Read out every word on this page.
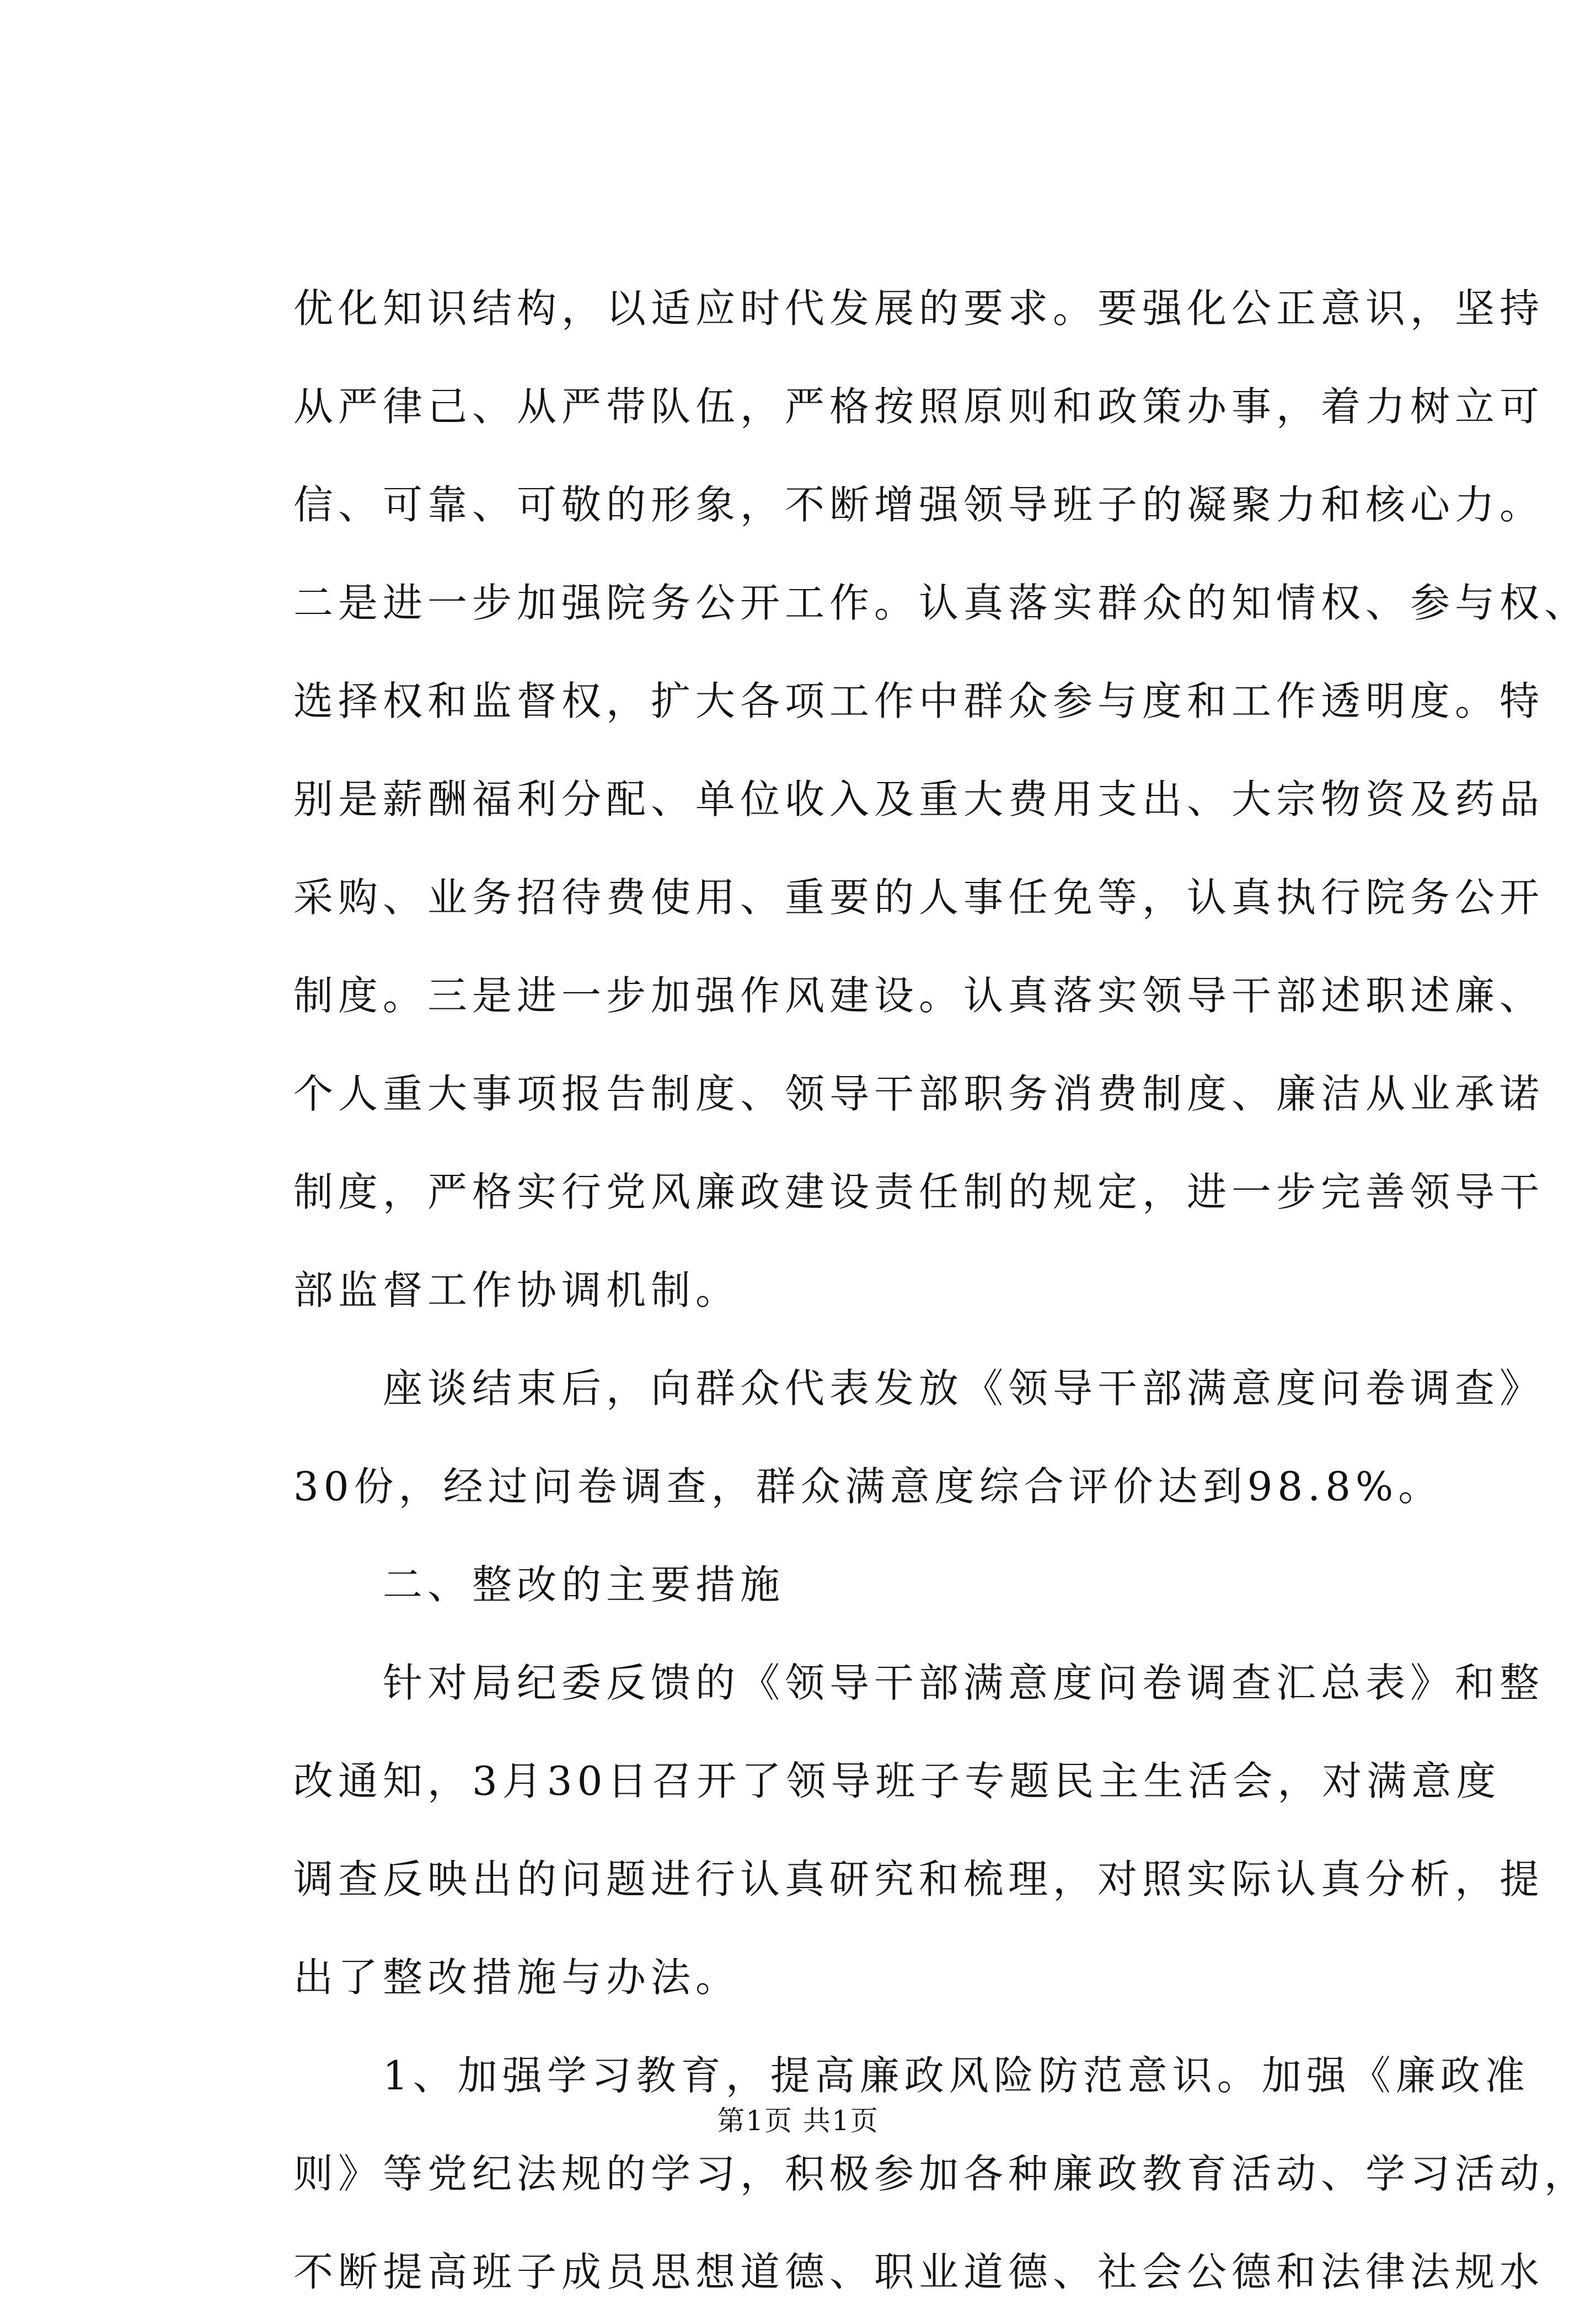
优化知识结构，以适应时代发展的要求。要强化公正意识，坚持
从严律己、从严带队伍，严格按照原则和政策办事，着力树立可
信、可靠、可敬的形象，不断增强领导班子的凝聚力和核心力。
二是进一步加强院务公开工作。认真落实群众的知情权、参与权、
选择权和监督权，扩大各项工作中群众参与度和工作透明度。特
别是薪酬福利分配、单位收入及重大费用支出、大宗物资及药品
采购、业务招待费使用、重要的人事任免等，认真执行院务公开
制度。三是进一步加强作风建设。认真落实领导干部述职述廉、
个人重大事项报告制度、领导干部职务消费制度、廉洁从业承诺
制度，严格实行党风廉政建设责任制的规定，进一步完善领导干
部监督工作协调机制。
座谈结束后，向群众代表发放《领导干部满意度问卷调查》
30份，经过问卷调查，群众满意度综合评价达到98.8%。
二、整改的主要措施
针对局纪委反馈的《领导干部满意度问卷调查汇总表》和整
改通知，3月30日召开了领导班子专题民主生活会，对满意度
调查反映出的问题进行认真研究和梳理，对照实际认真分析，提
出了整改措施与办法。
1、加强学习教育，提高廉政风险防范意识。加强《廉政准
则》等党纪法规的学习，积极参加各种廉政教育活动、学习活动，
不断提高班子成员思想道德、职业道德、社会公德和法律法规水
第1页 共1页
